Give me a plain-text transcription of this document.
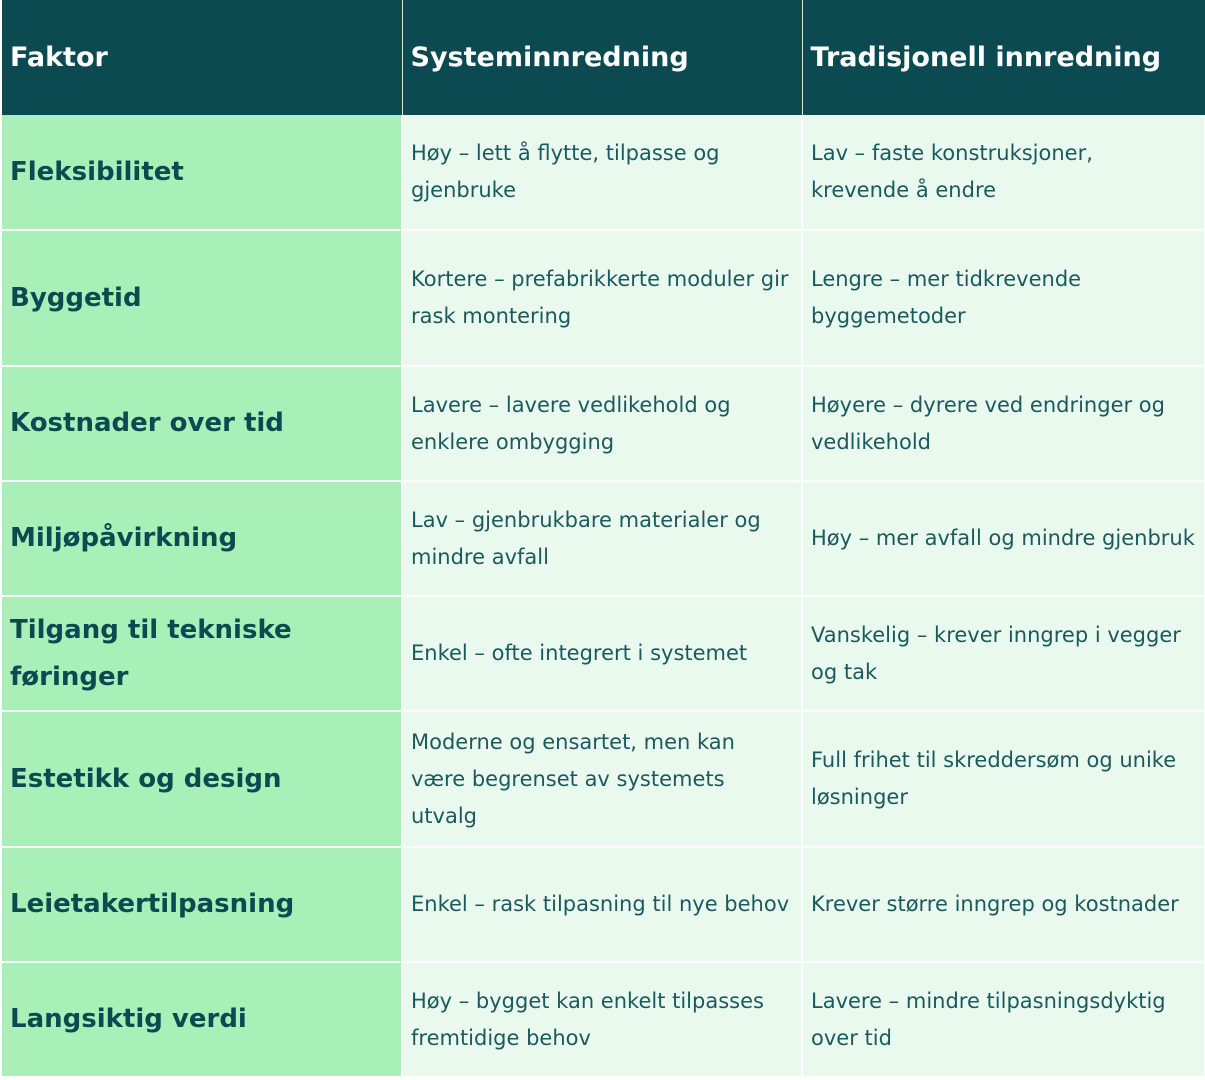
Faktor	Systeminnredning	Tradisjonell innredning
Fleksibilitet	Høy – lett å flytte, tilpasse og gjenbruke	Lav – faste konstruksjoner, krevende å endre
Byggetid	Kortere – prefabrikkerte moduler gir rask montering	Lengre – mer tidkrevende byggemetoder
Kostnader over tid	Lavere – lavere vedlikehold og enklere ombygging	Høyere – dyrere ved endringer og vedlikehold
Miljøpåvirkning	Lav – gjenbrukbare materialer og mindre avfall	Høy – mer avfall og mindre gjenbruk
Tilgang til tekniske føringer	Enkel – ofte integrert i systemet	Vanskelig – krever inngrep i vegger og tak
Estetikk og design	Moderne og ensartet, men kan være begrenset av systemets utvalg	Full frihet til skreddersøm og unike løsninger
Leietakertilpasning	Enkel – rask tilpasning til nye behov	Krever større inngrep og kostnader
Langsiktig verdi	Høy – bygget kan enkelt tilpasses fremtidige behov	Lavere – mindre tilpasningsdyktig over tid
